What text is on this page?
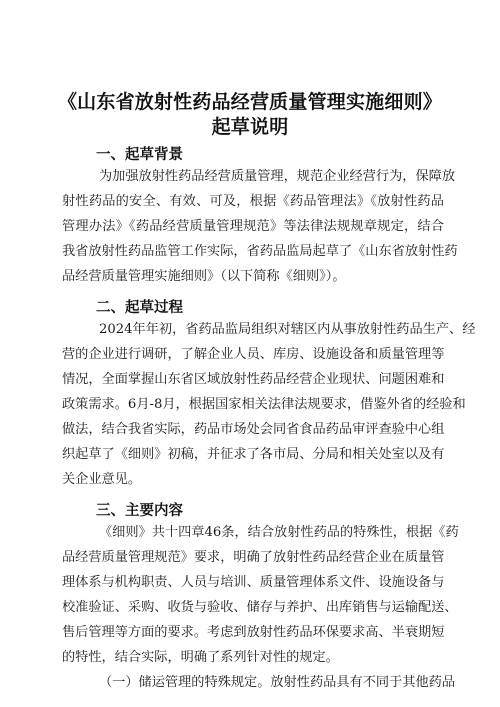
《山东省放射性药品经营质量管理实施细则》
起草说明
一、起草背景
为加强放射性药品经营质量管理，规范企业经营行为，保障放
射性药品的安全、有效、可及，根据《药品管理法》《放射性药品
管理办法》《药品经营质量管理规范》等法律法规规章规定，结合
我省放射性药品监管工作实际，省药品监局起草了《山东省放射性药
品经营质量管理实施细则》（以下简称《细则》）。
二、起草过程
2024年年初，省药品监局组织对辖区内从事放射性药品生产、经
营的企业进行调研，了解企业人员、库房、设施设备和质量管理等
情况，全面掌握山东省区域放射性药品经营企业现状、问题困难和
政策需求。6月-8月，根据国家相关法律法规要求，借鉴外省的经验和
做法，结合我省实际，药品市场处会同省食品药品审评查验中心组
织起草了《细则》初稿，并征求了各市局、分局和相关处室以及有
关企业意见。
三、主要内容
《细则》共十四章46条，结合放射性药品的特殊性，根据《药
品经营质量管理规范》要求，明确了放射性药品经营企业在质量管
理体系与机构职责、人员与培训、质量管理体系文件、设施设备与
校准验证、采购、收货与验收、储存与养护、出库销售与运输配送、
售后管理等方面的要求。考虑到放射性药品环保要求高、半衰期短
的特性，结合实际，明确了系列针对性的规定。
（一）储运管理的特殊规定。放射性药品具有不同于其他药品
